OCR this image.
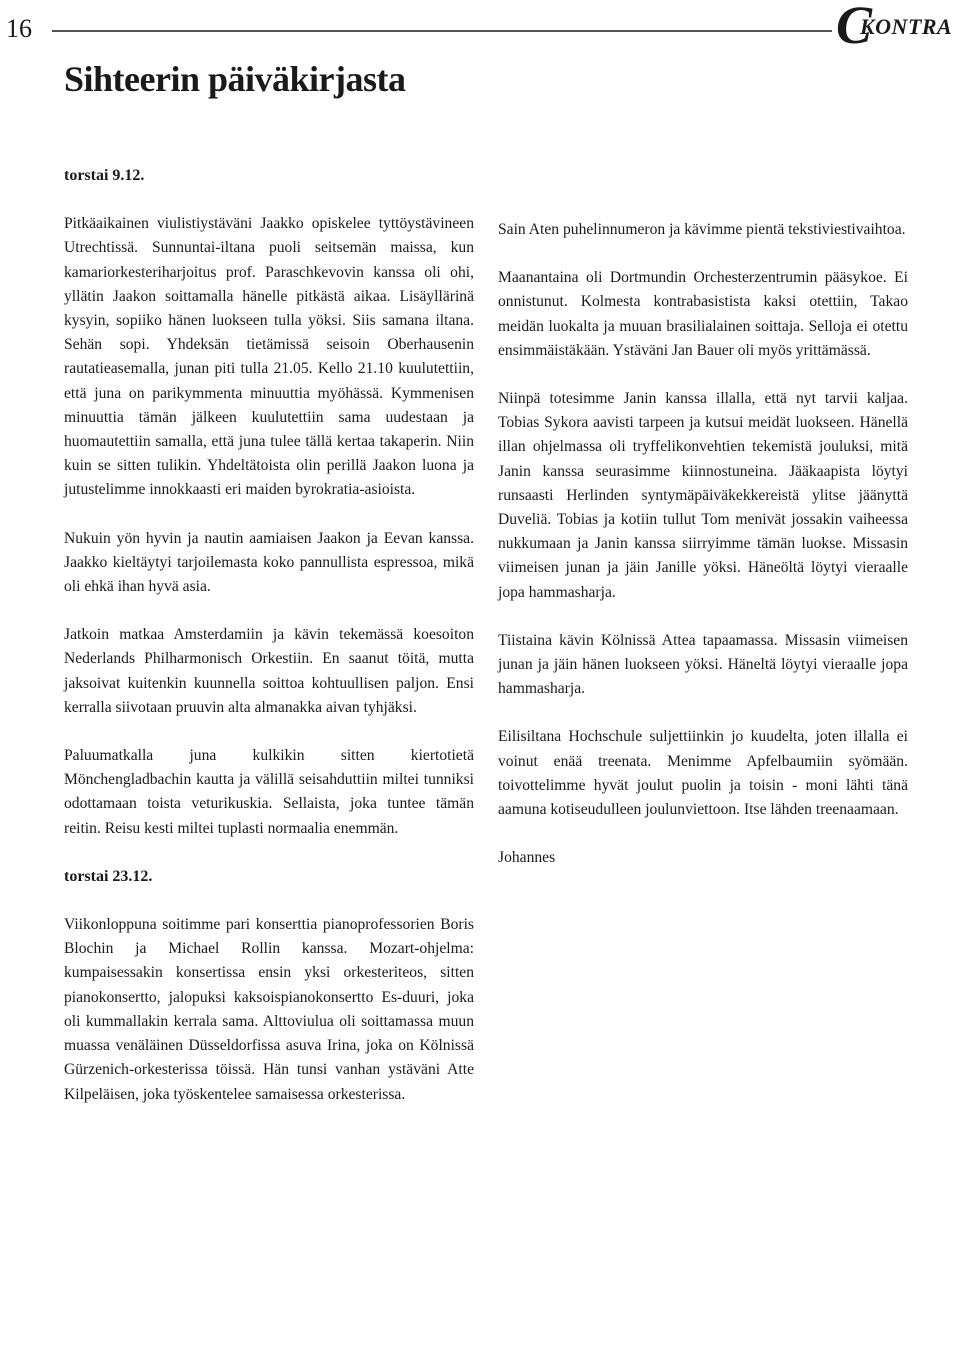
16	C
KONTRA
Sihteerin päiväkirjasta

torstai 9.12.

Pitkäaikainen viulistiystäväni Jaakko opiskelee tyttöystävineen Utrechtissä. Sunnuntai-iltana puoli seitsemän maissa, kun kamariorkesteriharjoitus prof. Paraschkevovin kanssa oli ohi, yllätin Jaakon soittamalla hänelle pitkästä aikaa. Lisäyllärinä kysyin, sopiiko hänen luokseen tulla yöksi. Siis samana iltana. Sehän sopi. Yhdeksän tietämissä seisoin Oberhausenin rautatieasemalla, junan piti tulla 21.05. Kello 21.10 kuulutettiin, että juna on parikymmenta minuuttia myöhässä. Kymmenisen minuuttia tämän jälkeen kuulutettiin sama uudestaan ja huomautettiin samalla, että juna tulee tällä kertaa takaperin. Niin kuin se sitten tulikin. Yhdeltätoista olin perillä Jaakon luona ja jutustelimme innokkaasti eri maiden byrokratia-asioista.

Nukuin yön hyvin ja nautin aamiaisen Jaakon ja Eevan kanssa. Jaakko kieltäytyi tarjoilemasta koko pannullista espressoa, mikä oli ehkä ihan hyvä asia.

Jatkoin matkaa Amsterdamiin ja kävin tekemässä koesoiton Nederlands Philharmonisch Orkestiin. En saanut töitä, mutta jaksoivat kuitenkin kuunnella soittoa kohtuullisen paljon. Ensi kerralla siivotaan pruuvin alta almanakka aivan tyhjäksi.

Paluumatkalla juna kulkikin sitten kiertotietä Mönchengladbachin kautta ja välillä seisahduttiin miltei tunniksi odottamaan toista veturikuskia. Sellaista, joka tuntee tämän reitin. Reisu kesti miltei tuplasti normaalia enemmän.

torstai 23.12.

Viikonloppuna soitimme pari konserttia pianoprofessorien Boris Blochin ja Michael Rollin kanssa. Mozart-ohjelma: kumpaisessakin konsertissa ensin yksi orkesteriteos, sitten pianokonsertto, jalopuksi kaksoispianokonsertto Es-duuri, joka oli kummallakin kerrala sama. Alttoviulua oli soittamassa muun muassa venäläinen Düsseldorfissa asuva Irina, joka on Kölnissä Gürzenich-orkesterissa töissä. Hän tunsi vanhan ystäväni Atte Kilpeläisen, joka työskentelee samaisessa orkesterissa.

Sain Aten puhelinnumeron ja kävimme pientä tekstiviestivaihtoa.

Maanantaina oli Dortmundin Orchesterzentrumin pääsykoe. Ei onnistunut. Kolmesta kontrabasistista kaksi otettiin, Takao meidän luokalta ja muuan brasilialainen soittaja. Selloja ei otettu ensimmäistäkään. Ystäväni Jan Bauer oli myös yrittämässä.

Niinpä totesimme Janin kanssa illalla, että nyt tarvii kaljaa. Tobias Sykora aavisti tarpeen ja kutsui meidät luokseen. Hänellä illan ohjelmassa oli tryffelikonvehtien tekemistä jouluksi, mitä Janin kanssa seurasimme kiinnostuneina. Jääkaapista löytyi runsaasti Herlinden syntymäpäiväkekkereistä ylitse jäänyttä Duveliä. Tobias ja kotiin tullut Tom menivät jossakin vaiheessa nukkumaan ja Janin kanssa siirryimme tämän luokse. Missasin viimeisen junan ja jäin Janille yöksi. Häneöltä löytyi vieraalle jopa hammasharja.

Tiistaina kävin Kölnissä Attea tapaamassa. Missasin viimeisen junan ja jäin hänen luokseen yöksi. Häneltä löytyi vieraalle jopa hammasharja.

Eilisiltana Hochschule suljettiinkin jo kuudelta, joten illalla ei voinut enää treenata. Menimme Apfelbaumiin syömään. toivottelimme hyvät joulut puolin ja toisin - moni lähti tänä aamuna kotiseudulleen joulunviettoon. Itse lähden treenaamaan.

Johannes
